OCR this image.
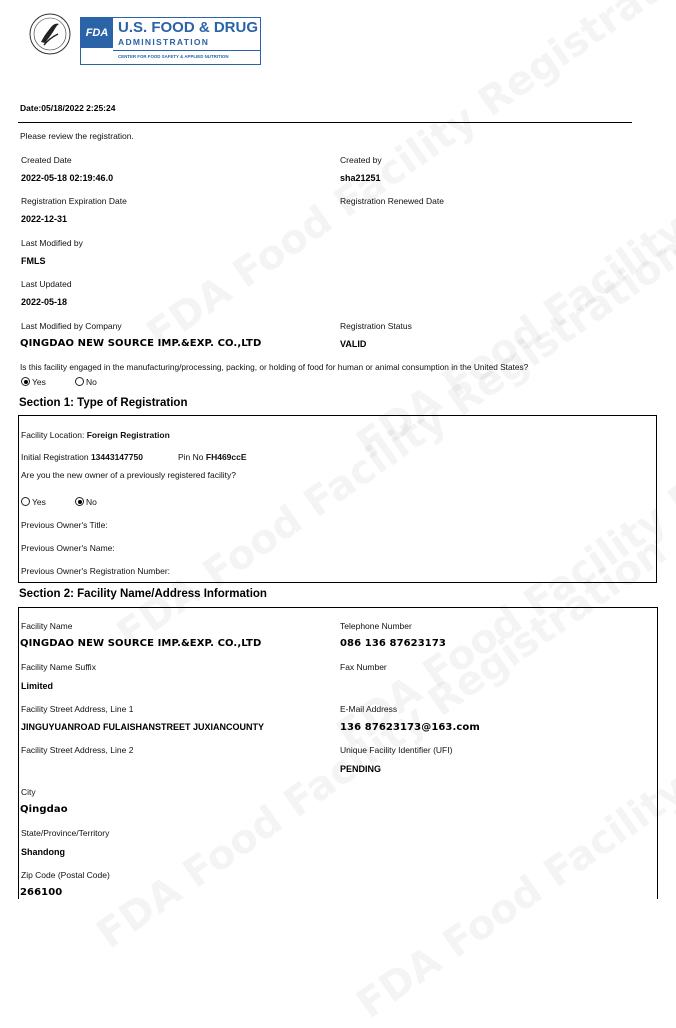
FDA U.S. FOOD & DRUG
ADMINISTRATION
CENTER FOR FOOD SAFETY & APPLIED NUTRITION
Date:05/18/2022 2:25:24
Please review the registration.
Created Date
2022-05-18 02:19:46.0
Created by
sha21251
Registration Expiration Date
2022-12-31
Registration Renewed Date
Last Modified by
FMLS
Last Updated
2022-05-18
Last Modified by Company
QINGDAO NEW SOURCE IMP.&EXP. CO.,LTD
Registration Status
VALID
Is this facility engaged in the manufacturing/processing, packing, or holding of food for human or animal consumption in the United States?
Yes	No
Section 1: Type of Registration
Facility Location: Foreign Registration
Initial Registration 13443147750	Pin No FH469ccE
Are you the new owner of a previously registered facility?
Yes	No
Previous Owner's Title:
Previous Owner's Name:
Previous Owner's Registration Number:
Section 2: Facility Name/Address Information
Facility Name
QINGDAO NEW SOURCE IMP.&EXP. CO.,LTD
Telephone Number
086 136 87623173
Facility Name Suffix
Limited
Fax Number
Facility Street Address, Line 1
JINGUYUANROAD FULAISHANSTREET JUXIANCOUNTY
E-Mail Address
136 87623173@163.com
Facility Street Address, Line 2	Unique Facility Identifier (UFI)
PENDING
City
Qingdao
State/Province/Territory
Shandong
Zip Code (Postal Code)
266100
